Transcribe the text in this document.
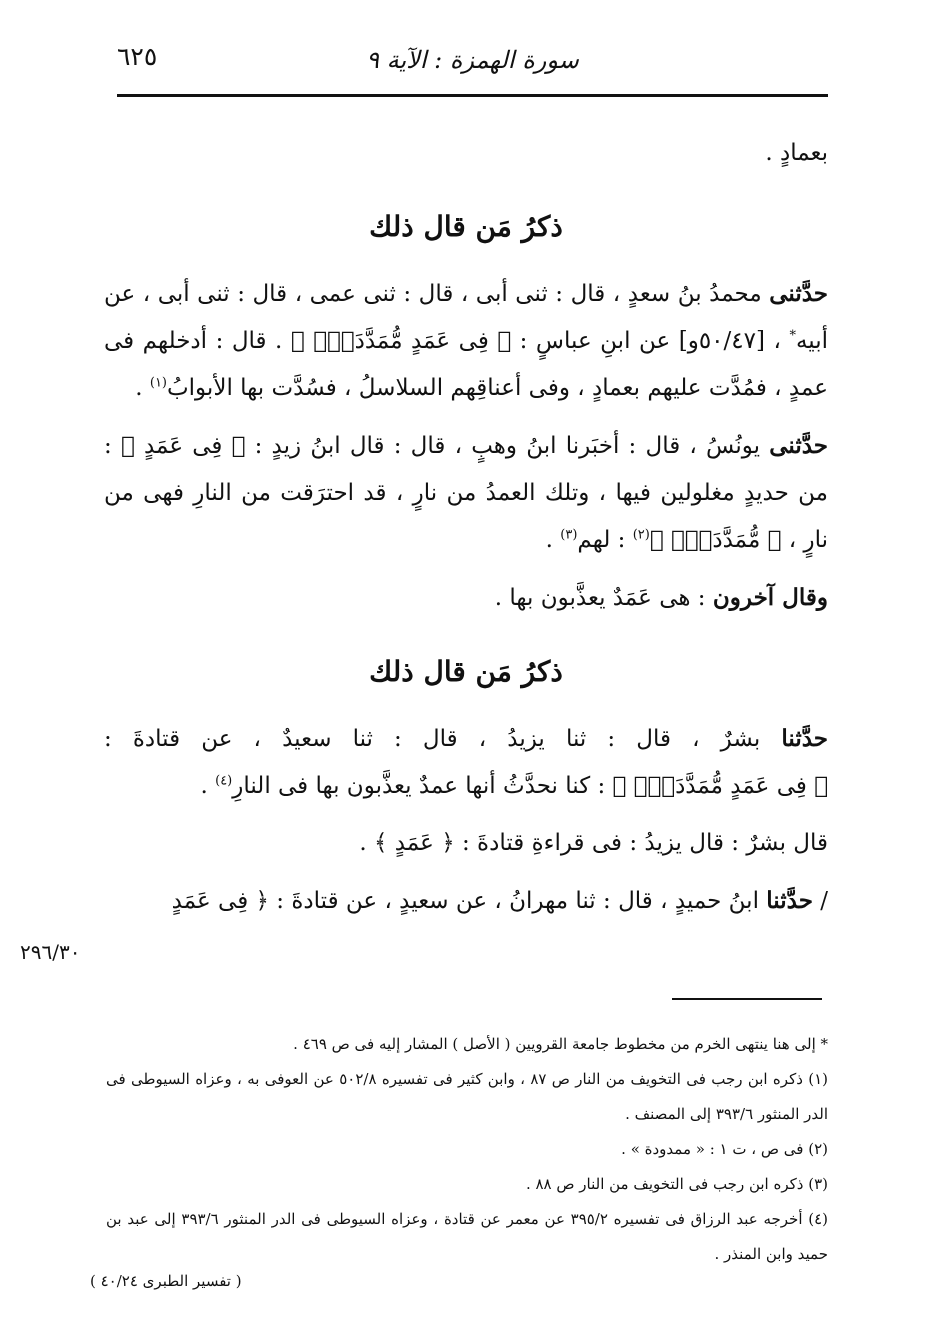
٦٢٥	سورة الهمزة : الآية ٩

بعمادٍ .

ذكرُ مَن قال ذلك

حدَّثنى محمدُ بنُ سعدٍ ، قال : ثنى أبى ، قال : ثنى عمى ، قال : ثنى أبى ، عن أبيه* ، [٥٠/٤٧و] عن ابنِ عباسٍ : ﴿ فِى عَمَدٍ مُّمَدَّدَةِۭ ﴾ . قال : أدخلهم فى عمدٍ ، فمُدَّت عليهم بعمادٍ ، وفى أعناقِهم السلاسلُ ، فسُدَّت بها الأبوابُ$^{(١)}$ .

حدَّثنى يونُسُ ، قال : أخبَرنا ابنُ وهبٍ ، قال : قال ابنُ زيدٍ : ﴿ فِى عَمَدٍ ﴾ : من حديدٍ مغلولين فيها ، وتلك العمدُ من نارٍ ، قد احترَقت من النارِ فهى من نارٍ ، ﴿ مُّمَدَّدَةِۭ ﴾$^{(٢)}$ : لهم$^{(٣)}$ .

وقال آخرون : هى عَمَدٌ يعذَّبون بها .

ذكرُ مَن قال ذلك

حدَّثنا بشرٌ ، قال : ثنا يزيدُ ، قال : ثنا سعيدٌ ، عن قتادةَ : ﴿ فِى عَمَدٍ مُّمَدَّدَةِۭ ﴾ : كنا نحدَّثُ أنها عمدٌ يعذَّبون بها فى النارِ$^{(٤)}$ .

قال بشرٌ : قال يزيدُ : فى قراءةِ قتادةَ : ﴿ عَمَدٍ ﴾ .

/ حدَّثنا ابنُ حميدٍ ، قال : ثنا مهرانُ ، عن سعيدٍ ، عن قتادةَ : ﴿ فِى عَمَدٍ

٢٩٦/٣٠

* إلى هنا ينتهى الخرم من مخطوط جامعة القرويين ( الأصل ) المشار إليه فى ص ٤٦٩ .

(١) ذكره ابن رجب فى التخويف من النار ص ٨٧ ، وابن كثير فى تفسيره ٥٠٢/٨ عن العوفى به ، وعزاه السيوطى فى الدر المنثور ٣٩٣/٦ إلى المصنف .

(٢) فى ص ، ت ١ : « ممدودة » .

(٣) ذكره ابن رجب فى التخويف من النار ص ٨٨ .

(٤) أخرجه عبد الرزاق فى تفسيره ٣٩٥/٢ عن معمر عن قتادة ، وعزاه السيوطى فى الدر المنثور ٣٩٣/٦ إلى عبد بن حميد وابن المنذر .

( تفسير الطبرى ٤٠/٢٤ )
